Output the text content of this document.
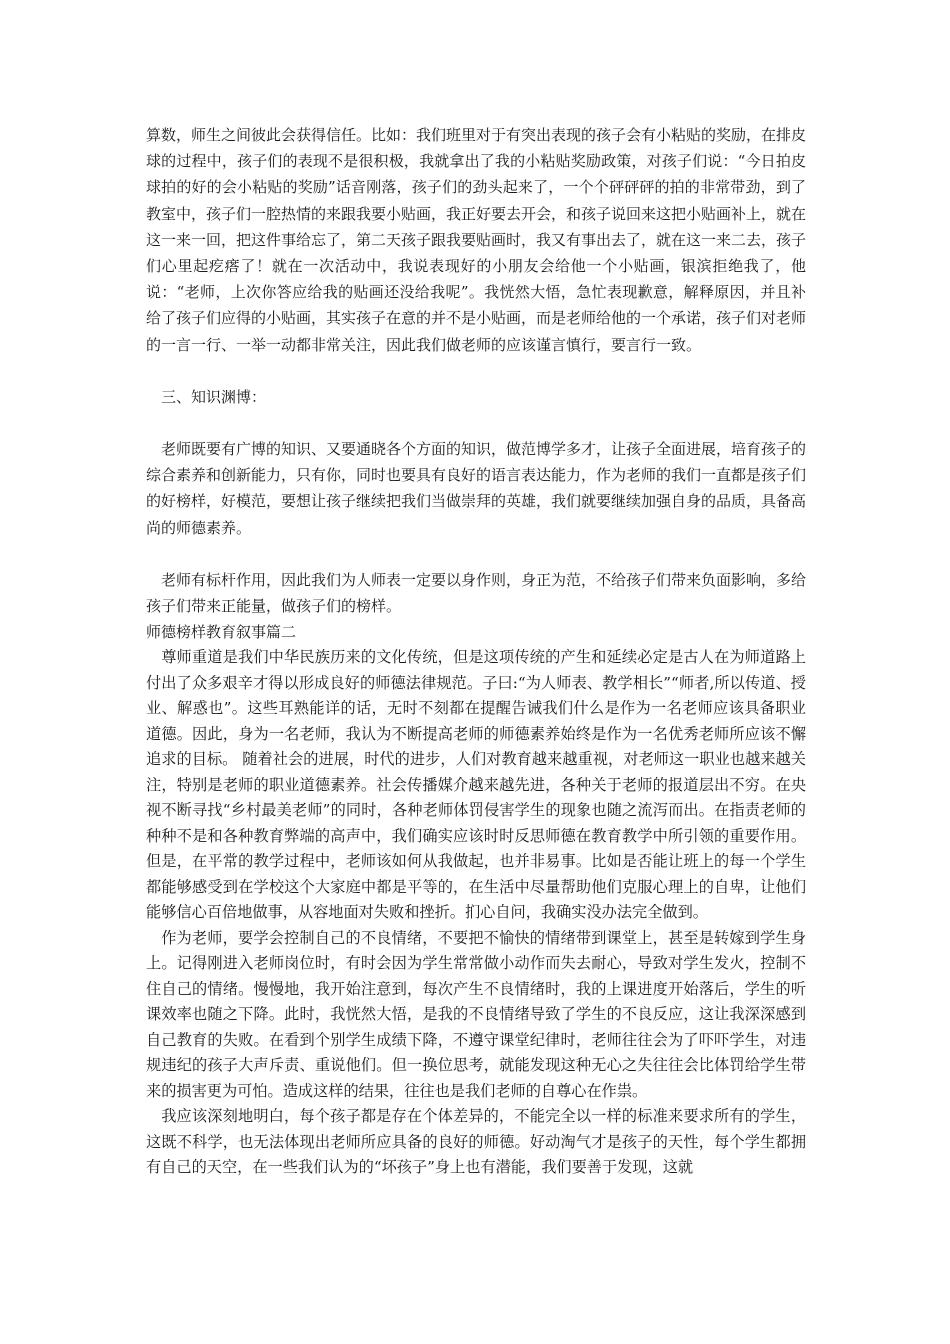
算数，师生之间彼此会获得信任。比如：我们班里对于有突出表现的孩子会有小粘贴的奖励，在排皮球的过程中，孩子们的表现不是很积极，我就拿出了我的小粘贴奖励政策，对孩子们说：“今日拍皮球拍的好的会小粘贴的奖励”话音刚落，孩子们的劲头起来了，一个个砰砰砰的拍的非常带劲，到了教室中，孩子们一腔热情的来跟我要小贴画，我正好要去开会，和孩子说回来这把小贴画补上，就在这一来一回，把这件事给忘了，第二天孩子跟我要贴画时，我又有事出去了，就在这一来二去，孩子们心里起疙瘩了！就在一次活动中，我说表现好的小朋友会给他一个小贴画，银滨拒绝我了，他说：“老师，上次你答应给我的贴画还没给我呢”。我恍然大悟，急忙表现歉意，解释原因，并且补给了孩子们应得的小贴画，其实孩子在意的并不是小贴画，而是老师给他的一个承诺，孩子们对老师的一言一行、一举一动都非常关注，因此我们做老师的应该谨言慎行，要言行一致。

三、知识渊博：

老师既要有广博的知识、又要通晓各个方面的知识，做范博学多才，让孩子全面进展，培育孩子的综合素养和创新能力，只有你，同时也要具有良好的语言表达能力，作为老师的我们一直都是孩子们的好榜样，好模范，要想让孩子继续把我们当做崇拜的英雄，我们就要继续加强自身的品质，具备高尚的师德素养。

老师有标杆作用，因此我们为人师表一定要以身作则，身正为范，不给孩子们带来负面影响，多给孩子们带来正能量，做孩子们的榜样。

师德榜样教育叙事篇二

尊师重道是我们中华民族历来的文化传统，但是这项传统的产生和延续必定是古人在为师道路上付出了众多艰辛才得以形成良好的师德法律规范。子曰:“为人师表、教学相长”“师者,所以传道、授业、解惑也”。这些耳熟能详的话，无时不刻都在提醒告诫我们什么是作为一名老师应该具备职业道德。因此，身为一名老师，我认为不断提高老师的师德素养始终是作为一名优秀老师所应该不懈追求的目标。 随着社会的进展，时代的进步，人们对教育越来越重视，对老师这一职业也越来越关注，特别是老师的职业道德素养。社会传播媒介越来越先进，各种关于老师的报道层出不穷。在央视不断寻找“乡村最美老师”的同时，各种老师体罚侵害学生的现象也随之流泻而出。在指责老师的种种不是和各种教育弊端的高声中，我们确实应该时时反思师德在教育教学中所引领的重要作用。但是，在平常的教学过程中，老师该如何从我做起，也并非易事。比如是否能让班上的每一个学生都能够感受到在学校这个大家庭中都是平等的，在生活中尽量帮助他们克服心理上的自卑，让他们能够信心百倍地做事，从容地面对失败和挫折。扪心自问，我确实没办法完全做到。

作为老师，要学会控制自己的不良情绪，不要把不愉快的情绪带到课堂上，甚至是转嫁到学生身上。记得刚进入老师岗位时，有时会因为学生常常做小动作而失去耐心，导致对学生发火，控制不住自己的情绪。慢慢地，我开始注意到，每次产生不良情绪时，我的上课进度开始落后，学生的听课效率也随之下降。此时，我恍然大悟，是我的不良情绪导致了学生的不良反应，这让我深深感到自己教育的失败。在看到个别学生成绩下降，不遵守课堂纪律时，老师往往会为了吓吓学生，对违规违纪的孩子大声斥责、重说他们。但一换位思考，就能发现这种无心之失往往会比体罚给学生带来的损害更为可怕。造成这样的结果，往往也是我们老师的自尊心在作祟。

我应该深刻地明白，每个孩子都是存在个体差异的，不能完全以一样的标准来要求所有的学生，这既不科学，也无法体现出老师所应具备的良好的师德。好动淘气才是孩子的天性，每个学生都拥有自己的天空，在一些我们认为的“坏孩子”身上也有潜能，我们要善于发现，这就
